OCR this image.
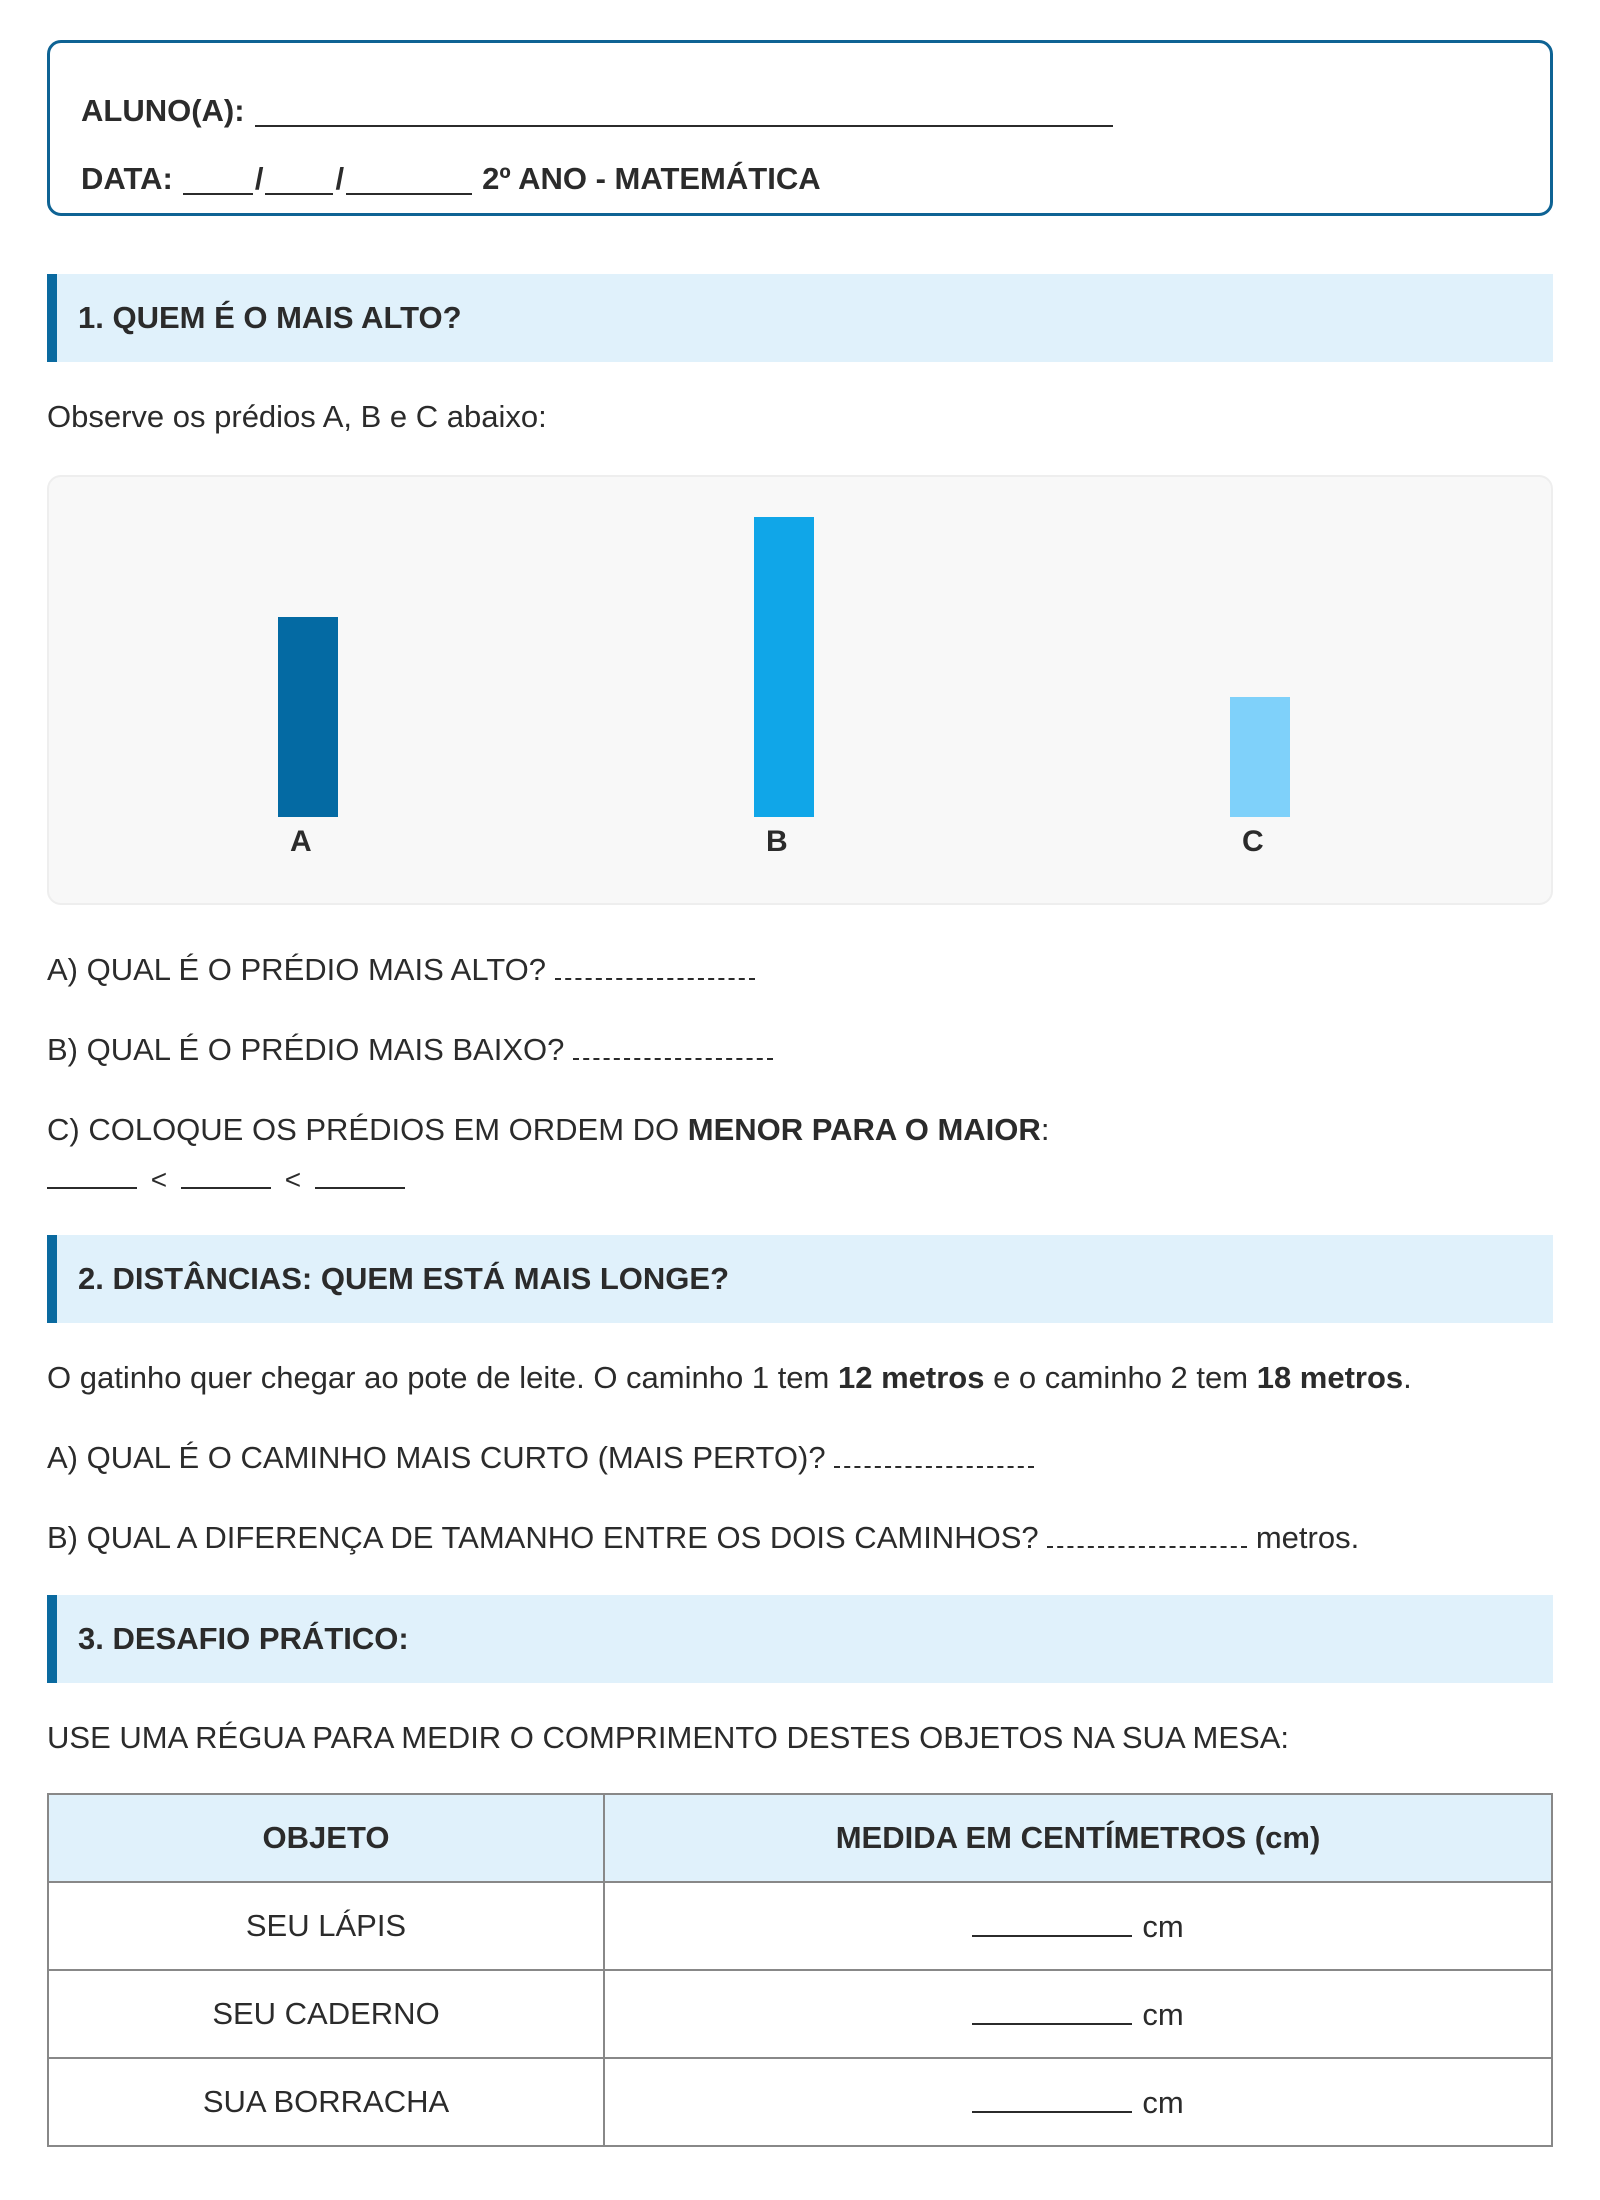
ALUNO(A):
DATA:	/ /	2º ANO - MATEMÁTICA
1. QUEM É O MAIS ALTO?
Observe os prédios A, B e C abaixo:
A	B	C
A) QUAL É O PRÉDIO MAIS ALTO?
B) QUAL É O PRÉDIO MAIS BAIXO?
C) COLOQUE OS PRÉDIOS EM ORDEM DO MENOR PARA O MAIOR:
<	<
2. DISTÂNCIAS: QUEM ESTÁ MAIS LONGE?
O gatinho quer chegar ao pote de leite. O caminho 1 tem 12 metros e o caminho 2 tem 18 metros.
A) QUAL É O CAMINHO MAIS CURTO (MAIS PERTO)?
B) QUAL A DIFERENÇA DE TAMANHO ENTRE OS DOIS CAMINHOS?	metros.
3. DESAFIO PRÁTICO:
USE UMA RÉGUA PARA MEDIR O COMPRIMENTO DESTES OBJETOS NA SUA MESA:
OBJETO	MEDIDA EM CENTÍMETROS (cm)
SEU LÁPIS	cm
SEU CADERNO	cm
SUA BORRACHA	cm
